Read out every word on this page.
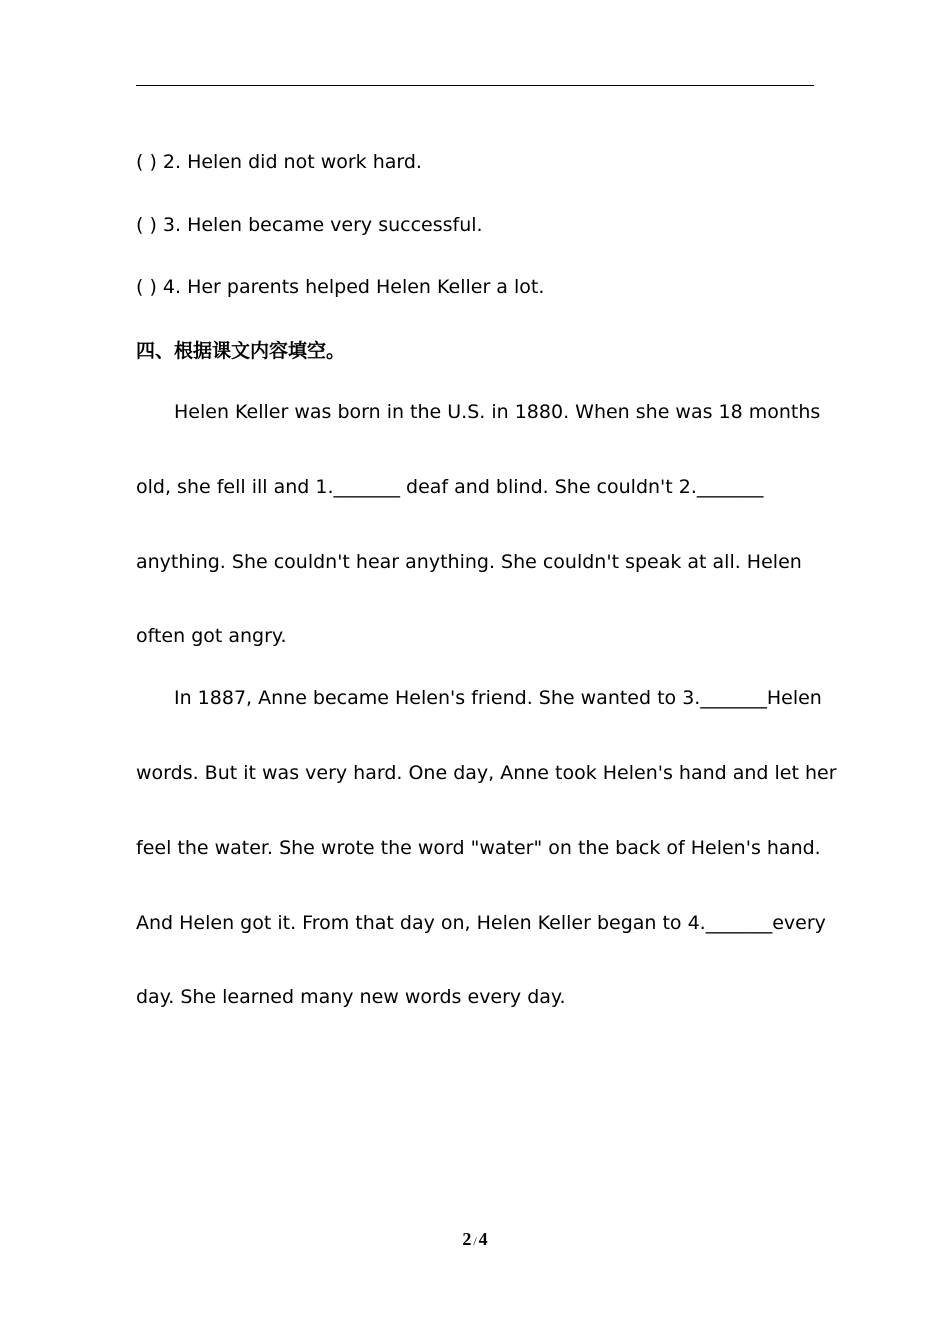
( ) 2. Helen did not work hard.
( ) 3. Helen became very successful.
( ) 4. Her parents helped Helen Keller a lot.
四、根据课文内容填空。
Helen Keller was born in the U.S. in 1880. When she was 18 months
old, she fell ill and 1._______ deaf and blind. She couldn't 2._______
anything. She couldn't hear anything. She couldn't speak at all. Helen
often got angry.
In 1887, Anne became Helen's friend. She wanted to 3._______Helen
words. But it was very hard. One day, Anne took Helen's hand and let her
feel the water. She wrote the word "water" on the back of Helen's hand.
And Helen got it. From that day on, Helen Keller began to 4._______every
day. She learned many new words every day.
2 / 4
